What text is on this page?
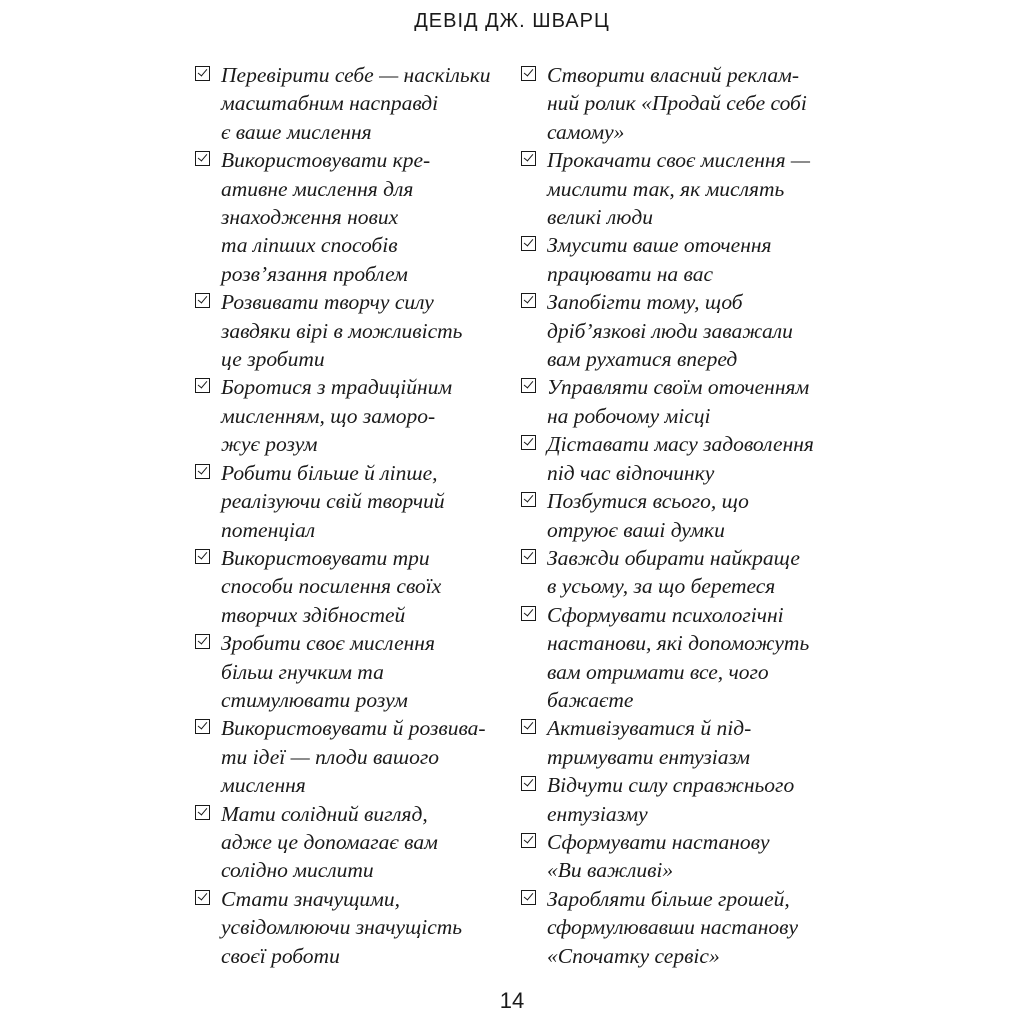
ДЕВІД ДЖ. ШВАРЦ
Перевірити себе — наскільки
масштабним насправді
є ваше мислення
Використовувати кре-
ативне мислення для
знаходження нових
та ліпших способів
розв’язання проблем
Розвивати творчу силу
завдяки вірі в можливість
це зробити
Боротися з традиційним
мисленням, що заморо-
жує розум
Робити більше й ліпше,
реалізуючи свій творчий
потенціал
Використовувати три
способи посилення своїх
творчих здібностей
Зробити своє мислення
більш гнучким та
стимулювати розум
Використовувати й розвива-
ти ідеї — плоди вашого
мислення
Мати солідний вигляд,
адже це допомагає вам
солідно мислити
Стати значущими,
усвідомлюючи значущість
своєї роботи
Створити власний реклам-
ний ролик «Продай себе собі
самому»
Прокачати своє мислення —
мислити так, як мислять
великі люди
Змусити ваше оточення
працювати на вас
Запобігти тому, щоб
дріб’язкові люди заважали
вам рухатися вперед
Управляти своїм оточенням
на робочому місці
Діставати масу задоволення
під час відпочинку
Позбутися всього, що
отруює ваші думки
Завжди обирати найкраще
в усьому, за що беретеся
Сформувати психологічні
настанови, які допоможуть
вам отримати все, чого
бажаєте
Активізуватися й під-
тримувати ентузіазм
Відчути силу справжнього
ентузіазму
Сформувати настанову
«Ви важливі»
Заробляти більше грошей,
сформулювавши настанову
«Спочатку сервіс»
14
